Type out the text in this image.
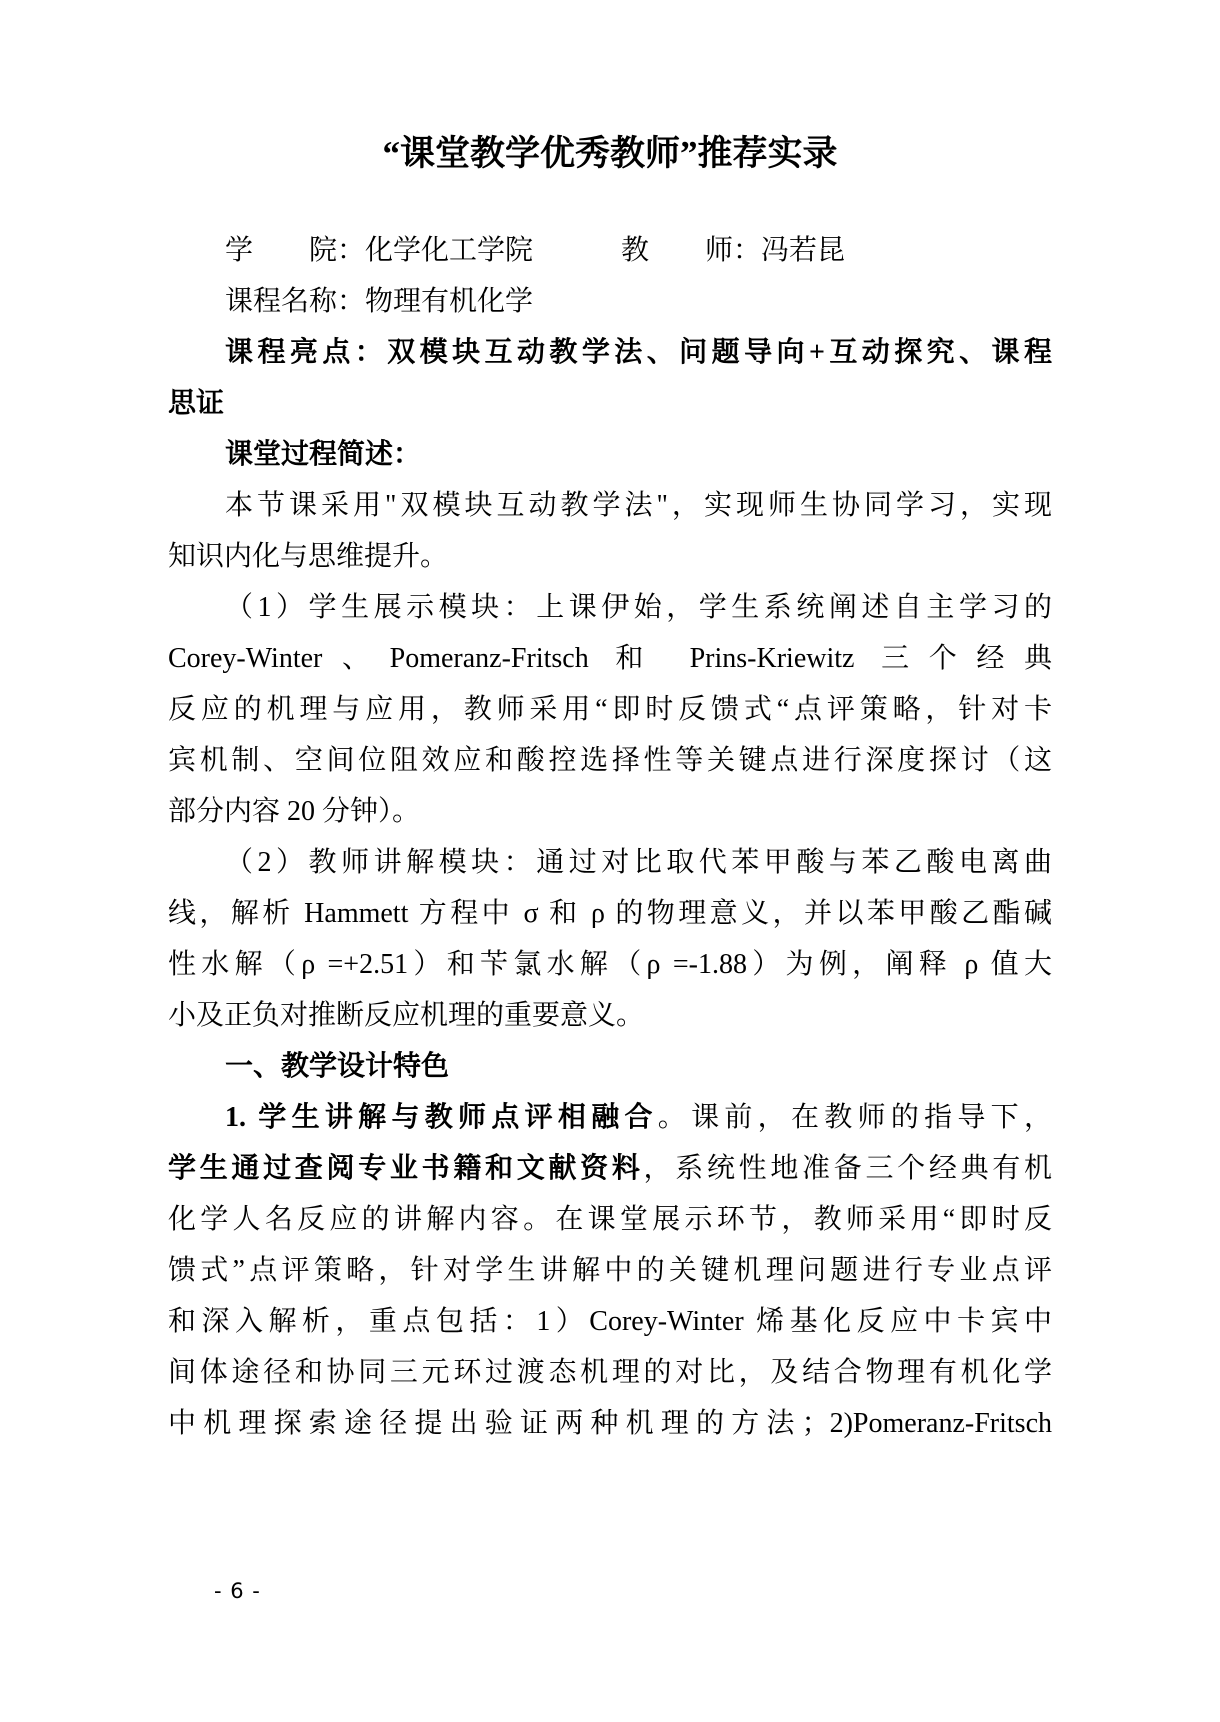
“课堂教学优秀教师”推荐实录
学　　院：化学化工学院	教　　师：冯若昆
课程名称：物理有机化学
课程亮点：双模块互动教学法、问题导向+互动探究、课程
思证
课堂过程简述：
本节课采用"双模块互动教学法"，实现师生协同学习，实现
知识内化与思维提升。
（1）学生展示模块：上课伊始，学生系统阐述自主学习的
Corey-Winter、Pomeranz-Fritsch 和 Prins-Kriewitz 三个经典
反应的机理与应用，教师采用“即时反馈式“点评策略，针对卡
宾机制、空间位阻效应和酸控选择性等关键点进行深度探讨（这
部分内容 20 分钟）。
（2）教师讲解模块：通过对比取代苯甲酸与苯乙酸电离曲
线，解析 Hammett 方程中 σ 和 ρ 的物理意义，并以苯甲酸乙酯碱
性水解（ρ =+2.51）和苄氯水解（ρ =-1.88）为例，阐释 ρ 值大
小及正负对推断反应机理的重要意义。
一、教学设计特色
1. 学生讲解与教师点评相融合。课前，在教师的指导下，
学生通过查阅专业书籍和文献资料，系统性地准备三个经典有机
化学人名反应的讲解内容。在课堂展示环节，教师采用“即时反
馈式”点评策略，针对学生讲解中的关键机理问题进行专业点评
和深入解析，重点包括：1）Corey-Winter 烯基化反应中卡宾中
间体途径和协同三元环过渡态机理的对比，及结合物理有机化学
中机理探索途径提出验证两种机理的方法；2)Pomeranz-Fritsch
- 6 -
